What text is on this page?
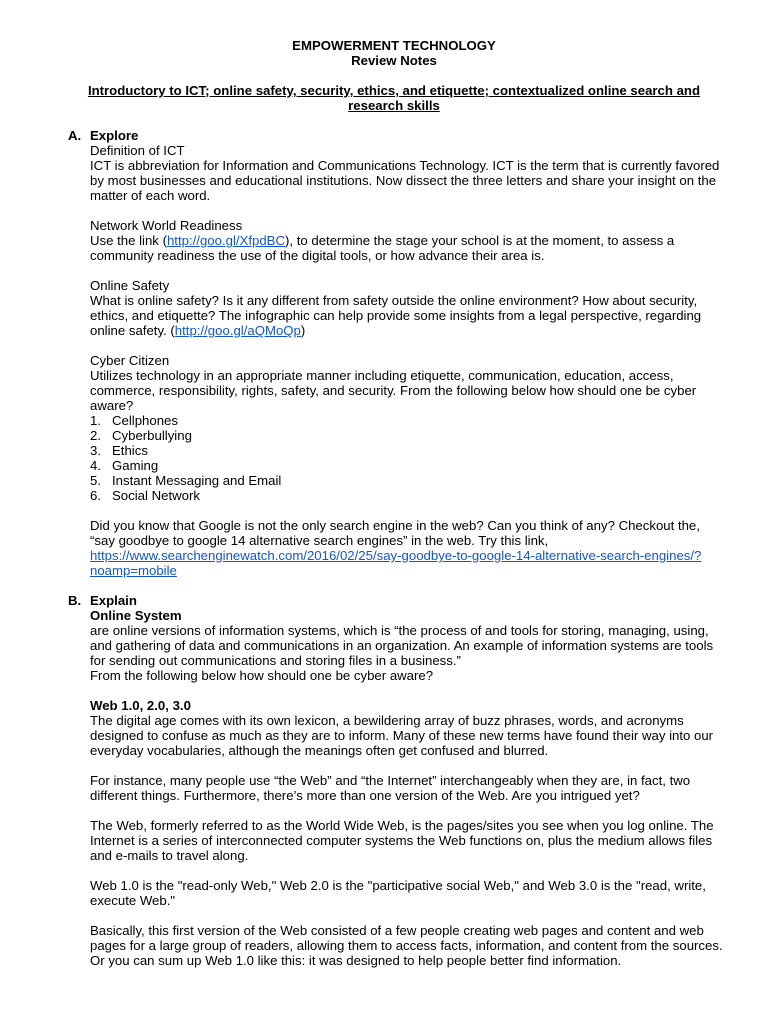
EMPOWERMENT TECHNOLOGY
Review Notes
Introductory to ICT; online safety, security, ethics, and etiquette; contextualized online search and research skills
A. Explore
Definition of ICT
ICT is abbreviation for Information and Communications Technology. ICT is the term that is currently favored by most businesses and educational institutions. Now dissect the three letters and share your insight on the matter of each word.
Network World Readiness
Use the link (http://goo.gl/XfpdBC), to determine the stage your school is at the moment, to assess a community readiness the use of the digital tools, or how advance their area is.
Online Safety
What is online safety? Is it any different from safety outside the online environment? How about security, ethics, and etiquette? The infographic can help provide some insights from a legal perspective, regarding online safety. (http://goo.gl/aQMoQp)
Cyber Citizen
Utilizes technology in an appropriate manner including etiquette, communication, education, access, commerce, responsibility, rights, safety, and security. From the following below how should one be cyber aware?
1. Cellphones
2. Cyberbullying
3. Ethics
4. Gaming
5. Instant Messaging and Email
6. Social Network
Did you know that Google is not the only search engine in the web? Can you think of any? Checkout the, “say goodbye to google 14 alternative search engines” in the web. Try this link,
https://www.searchenginewatch.com/2016/02/25/say-goodbye-to-google-14-alternative-search-engines/?noamp=mobile
B. Explain
Online System
are online versions of information systems, which is “the process of and tools for storing, managing, using, and gathering of data and communications in an organization. An example of information systems are tools for sending out communications and storing files in a business.”
From the following below how should one be cyber aware?
Web 1.0, 2.0, 3.0
The digital age comes with its own lexicon, a bewildering array of buzz phrases, words, and acronyms designed to confuse as much as they are to inform. Many of these new terms have found their way into our everyday vocabularies, although the meanings often get confused and blurred.
For instance, many people use “the Web” and “the Internet” interchangeably when they are, in fact, two different things. Furthermore, there’s more than one version of the Web. Are you intrigued yet?
The Web, formerly referred to as the World Wide Web, is the pages/sites you see when you log online. The Internet is a series of interconnected computer systems the Web functions on, plus the medium allows files and e-mails to travel along.
Web 1.0 is the "read-only Web," Web 2.0 is the "participative social Web," and Web 3.0 is the "read, write, execute Web."
Basically, this first version of the Web consisted of a few people creating web pages and content and web pages for a large group of readers, allowing them to access facts, information, and content from the sources. Or you can sum up Web 1.0 like this: it was designed to help people better find information.
